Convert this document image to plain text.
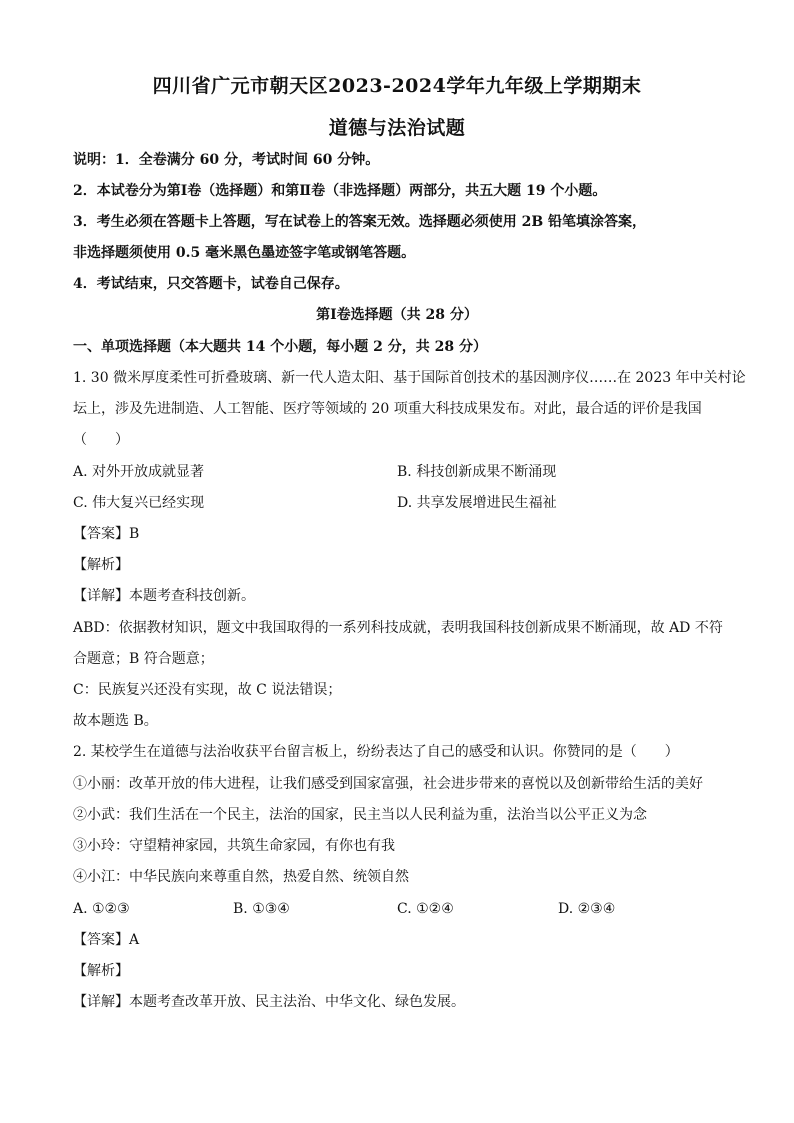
四川省广元市朝天区2023-2024学年九年级上学期期末
道德与法治试题
说明：1．全卷满分 60 分，考试时间 60 分钟。
2．本试卷分为第Ⅰ卷（选择题）和第Ⅱ卷（非选择题）两部分，共五大题 19 个小题。
3．考生必须在答题卡上答题，写在试卷上的答案无效。选择题必须使用 2B 铅笔填涂答案，
非选择题须使用 0.5 毫米黑色墨迹签字笔或钢笔答题。
4．考试结束，只交答题卡，试卷自己保存。
第Ⅰ卷选择题（共 28 分）
一、单项选择题（本大题共 14 个小题，每小题 2 分，共 28 分）
1. 30 微米厚度柔性可折叠玻璃、新一代人造太阳、基于国际首创技术的基因测序仪……在 2023 年中关村论
坛上，涉及先进制造、人工智能、医疗等领域的 20 项重大科技成果发布。对此，最合适的评价是我国
（　　）
A. 对外开放成就显著	B. 科技创新成果不断涌现
C. 伟大复兴已经实现	D. 共享发展增进民生福祉
【答案】B
【解析】
【详解】本题考查科技创新。
ABD：依据教材知识，题文中我国取得的一系列科技成就，表明我国科技创新成果不断涌现，故 AD 不符
合题意；B 符合题意；
C：民族复兴还没有实现，故 C 说法错误；
故本题选 B。
2. 某校学生在道德与法治收获平台留言板上，纷纷表达了自己的感受和认识。你赞同的是（　　）
①小丽：改革开放的伟大进程，让我们感受到国家富强，社会进步带来的喜悦以及创新带给生活的美好
②小武：我们生活在一个民主，法治的国家，民主当以人民利益为重，法治当以公平正义为念
③小玲：守望精神家园，共筑生命家园，有你也有我
④小江：中华民族向来尊重自然，热爱自然、统领自然
A. ①②③	B. ①③④	C. ①②④	D. ②③④
【答案】A
【解析】
【详解】本题考查改革开放、民主法治、中华文化、绿色发展。
